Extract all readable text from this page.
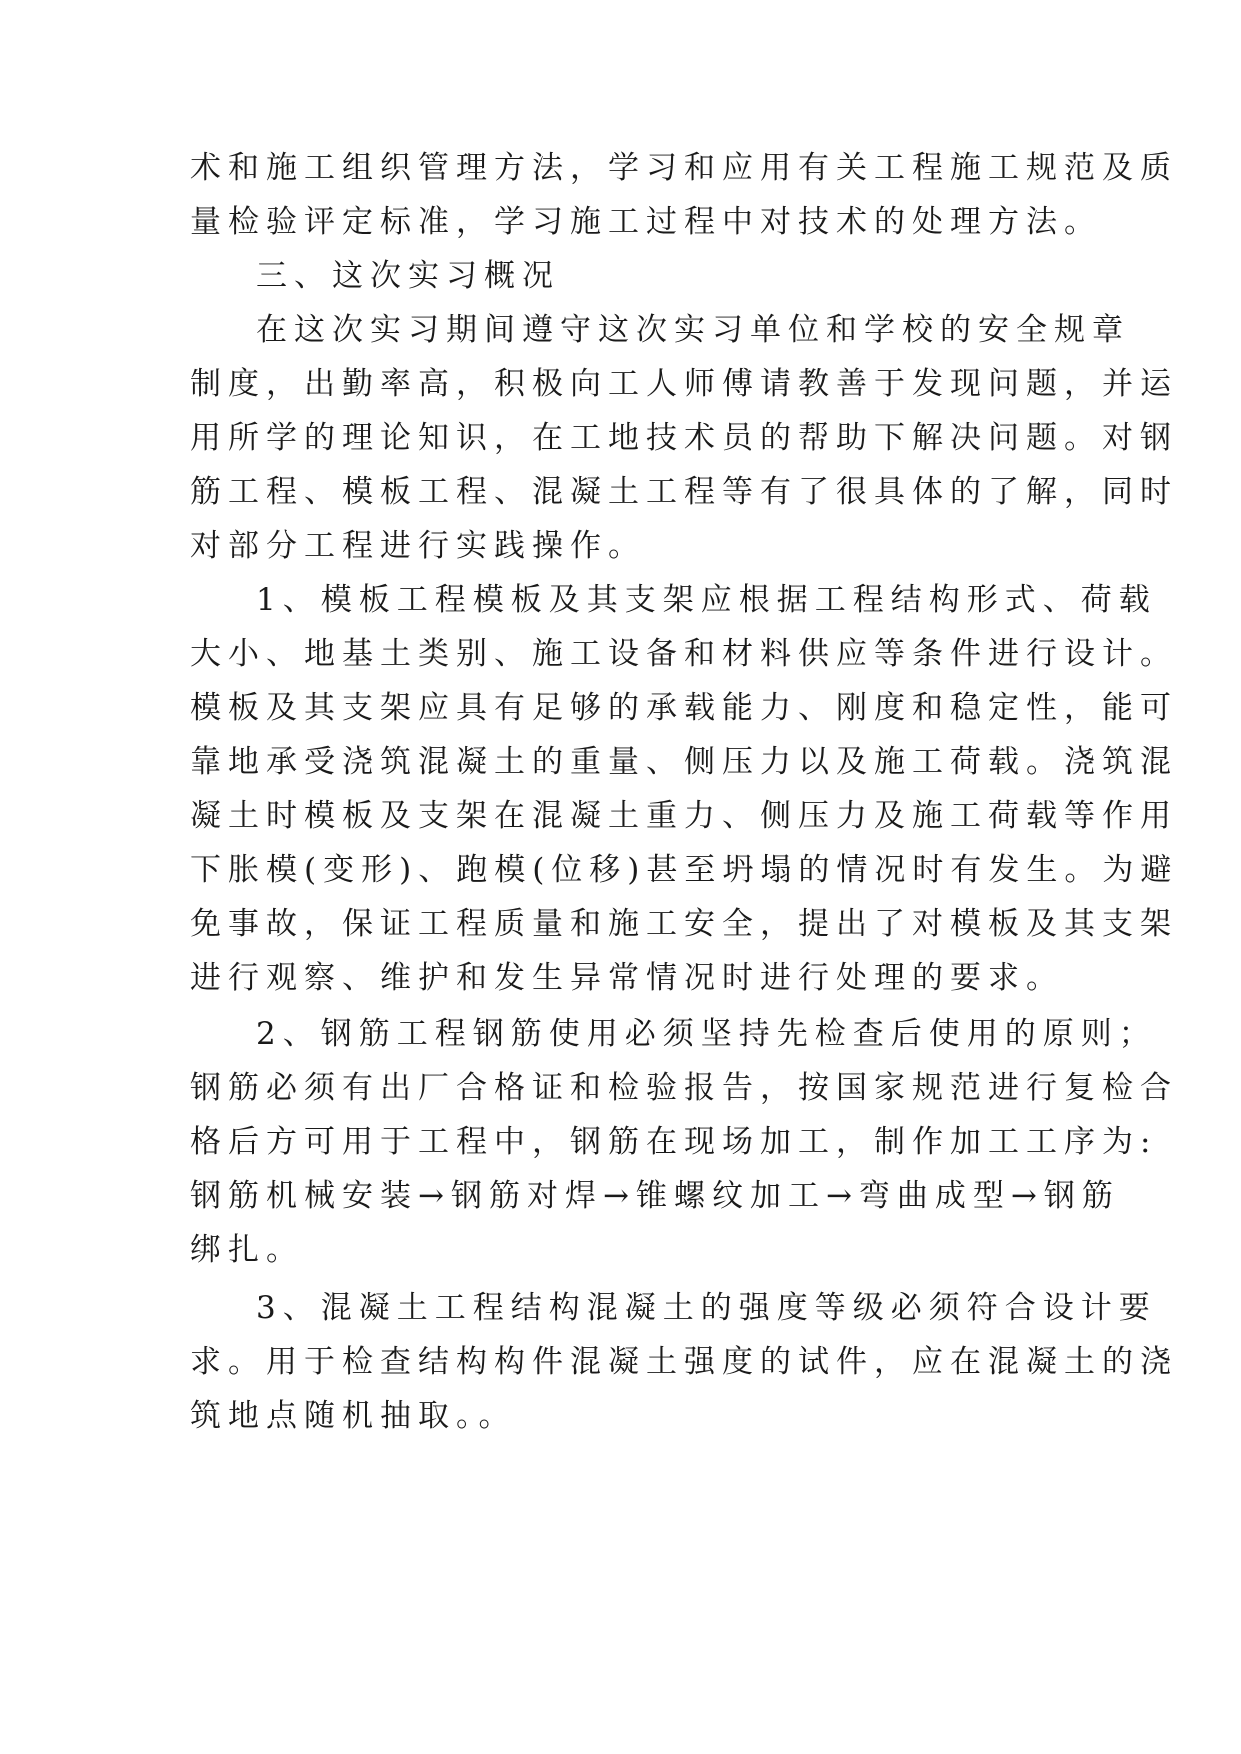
术和施工组织管理方法，学习和应用有关工程施工规范及质
量检验评定标准，学习施工过程中对技术的处理方法。
三、这次实习概况
在这次实习期间遵守这次实习单位和学校的安全规章
制度，出勤率高，积极向工人师傅请教善于发现问题，并运
用所学的理论知识，在工地技术员的帮助下解决问题。对钢
筋工程、模板工程、混凝土工程等有了很具体的了解，同时
对部分工程进行实践操作。
1、模板工程模板及其支架应根据工程结构形式、荷载
大小、地基土类别、施工设备和材料供应等条件进行设计。
模板及其支架应具有足够的承载能力、刚度和稳定性，能可
靠地承受浇筑混凝土的重量、侧压力以及施工荷载。浇筑混
凝土时模板及支架在混凝土重力、侧压力及施工荷载等作用
下胀模(变形)、跑模(位移)甚至坍塌的情况时有发生。为避
免事故，保证工程质量和施工安全，提出了对模板及其支架
进行观察、维护和发生异常情况时进行处理的要求。
2、钢筋工程钢筋使用必须坚持先检查后使用的原则；
钢筋必须有出厂合格证和检验报告，按国家规范进行复检合
格后方可用于工程中，钢筋在现场加工，制作加工工序为:
钢筋机械安装→钢筋对焊→锥螺纹加工→弯曲成型→钢筋
绑扎。
3、混凝土工程结构混凝土的强度等级必须符合设计要
求。用于检查结构构件混凝土强度的试件，应在混凝土的浇
筑地点随机抽取。。
